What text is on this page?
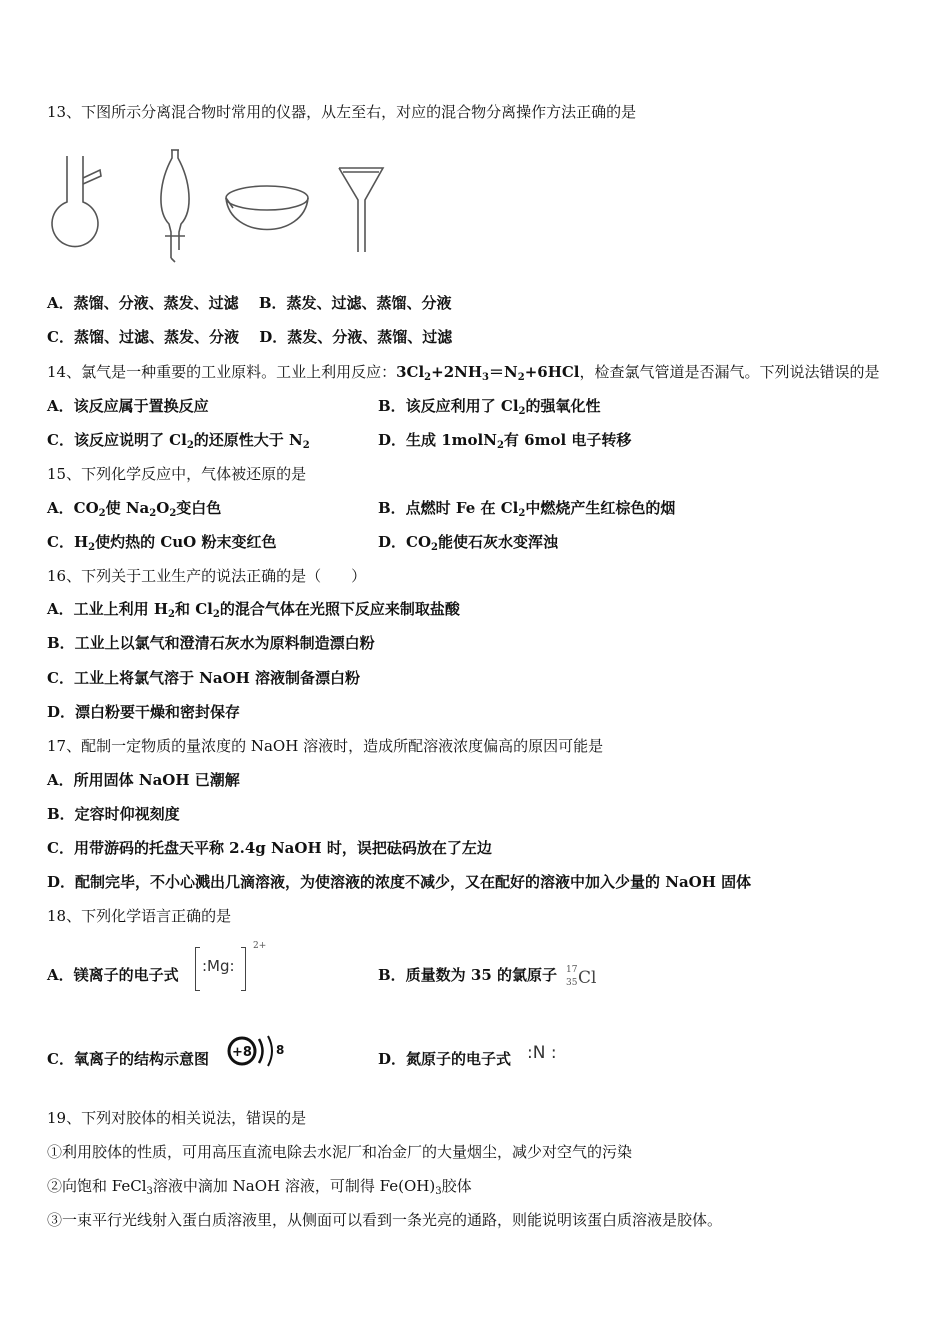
13、下图所示分离混合物时常用的仪器，从左至右，对应的混合物分离操作方法正确的是
A．蒸馏、分液、蒸发、过滤　 B．蒸发、过滤、蒸馏、分液
C．蒸馏、过滤、蒸发、分液　 D．蒸发、分液、蒸馏、过滤
14、氯气是一种重要的工业原料。工业上利用反应：$3Cl_2+2NH_3=N_2+6HCl$，检查氯气管道是否漏气。下列说法错误的是
A．该反应属于置换反应	B．该反应利用了 $Cl_2$的强氧化性
C．该反应说明了 $Cl_2$的还原性大于 $N_2$	D．生成 1molN$_2$有 6mol 电子转移
15、下列化学反应中，气体被还原的是
A．$CO_2$使 $Na_2O_2$变白色	B．点燃时 Fe 在 $Cl_2$中燃烧产生红棕色的烟
C．$H_2$使灼热的 CuO 粉末变红色	D．$CO_2$能使石灰水变浑浊
16、下列关于工业生产的说法正确的是（　　）
A．工业上利用 $H_2$和 $Cl_2$的混合气体在光照下反应来制取盐酸
B．工业上以氯气和澄清石灰水为原料制造漂白粉
C．工业上将氯气溶于 NaOH 溶液制备漂白粉
D．漂白粉要干燥和密封保存
17、配制一定物质的量浓度的 NaOH 溶液时，造成所配溶液浓度偏高的原因可能是
A．所用固体 NaOH 已潮解
B．定容时仰视刻度
C．用带游码的托盘天平称 2.4g NaOH 时，误把砝码放在了左边
D．配制完毕，不小心溅出几滴溶液，为使溶液的浓度不减少，又在配好的溶液中加入少量的 NaOH 固体
18、下列化学语言正确的是
A．镁离子的电子式 :Mg:
2+
B．质量数为 35 的氯原子 17
35 Cl
C．氧离子的结构示意图 +8 8	D．氮原子的电子式 :N :
19、下列对胶体的相关说法，错误的是
①利用胶体的性质，可用高压直流电除去水泥厂和冶金厂的大量烟尘，减少对空气的污染
②向饱和 FeCl$_3$溶液中滴加 NaOH 溶液，可制得 $Fe(OH)_3$胶体
③一束平行光线射入蛋白质溶液里，从侧面可以看到一条光亮的通路，则能说明该蛋白质溶液是胶体。
